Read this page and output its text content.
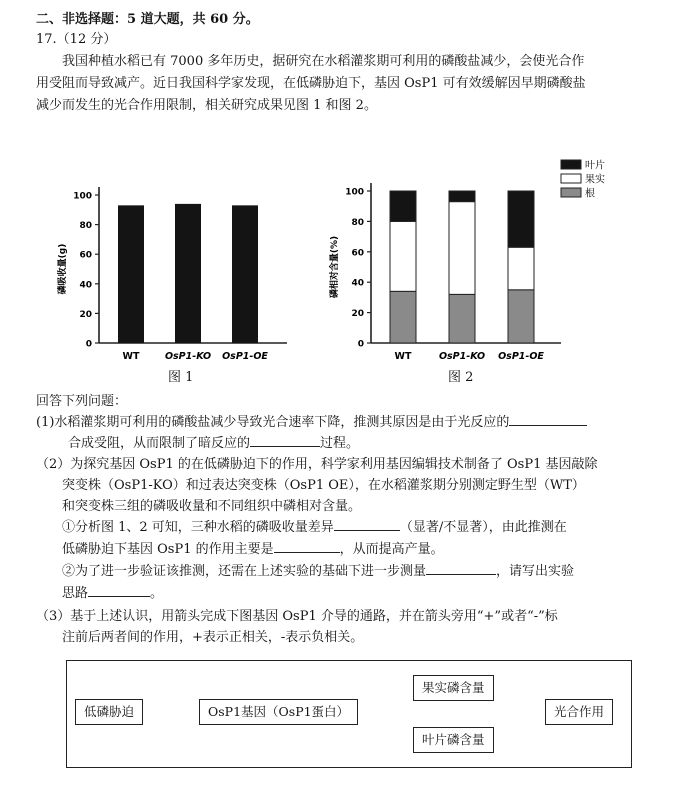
二、非选择题：5 道大题，共 60 分。
17.（12 分）
我国种植水稻已有 7000 多年历史，据研究在水稻灌浆期可利用的磷酸盐减少，会使光合作
用受阻而导致减产。近日我国科学家发现，在低磷胁迫下，基因 OsP1 可有效缓解因早期磷酸盐
减少而发生的光合作用限制，相关研究成果见图 1 和图 2。
0
20
40
60
80
100
磷吸收量(g)
WT	OsP1-KO OsP1-OE
图 1
0
20
40
60
80
100
磷相对含量(%)
WT	OsP1-KO OsP1-OE
叶片
果实
根
图 2
回答下列问题：
(1)水稻灌浆期可利用的磷酸盐减少导致光合速率下降，推测其原因是由于光反应的
合成受阻，从而限制了暗反应的	过程。
（2）为探究基因 OsP1 的在低磷胁迫下的作用，科学家利用基因编辑技术制备了 OsP1 基因敲除
突变株（OsP1-KO）和过表达突变株（OsP1 OE），在水稻灌浆期分别测定野生型（WT）
和突变株三组的磷吸收量和不同组织中磷相对含量。
①分析图 1、2 可知，三种水稻的磷吸收量差异	（显著/不显著），由此推测在
低磷胁迫下基因 OsP1 的作用主要是	，从而提高产量。
②为了进一步验证该推测，还需在上述实验的基础下进一步测量	，请写出实验
思路	。
（3）基于上述认识，用箭头完成下图基因 OsP1 介导的通路，并在箭头旁用“+”或者“-”标
注前后两者间的作用，+表示正相关，-表示负相关。
低磷胁迫	OsP1基因（OsP1蛋白）
果实磷含量
叶片磷含量
光合作用
